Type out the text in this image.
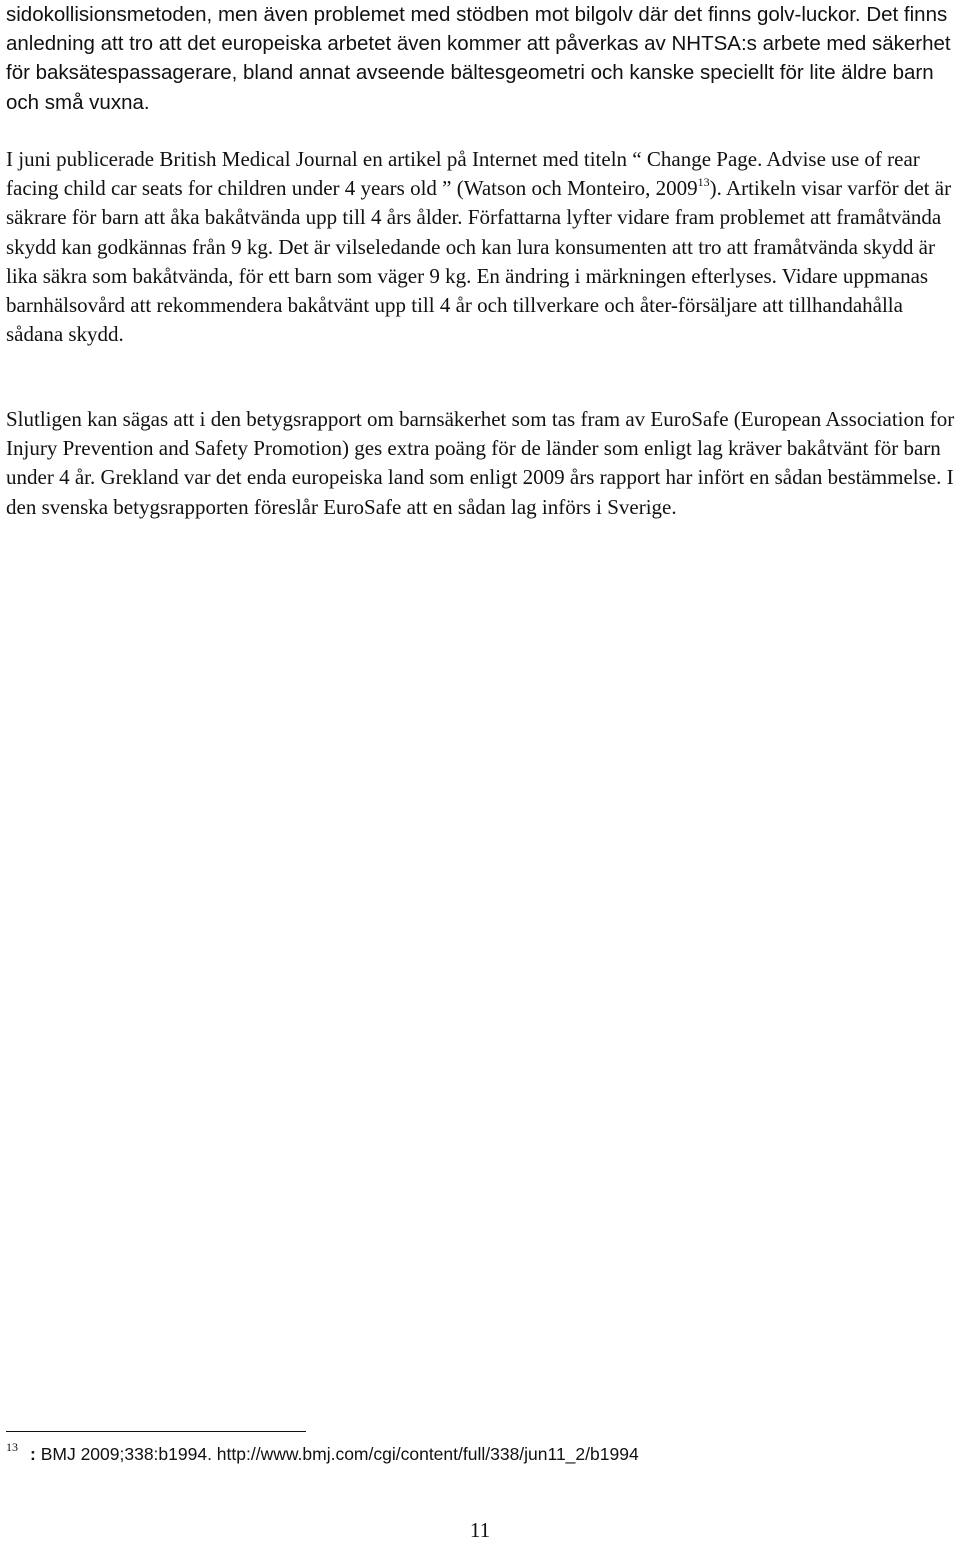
sidokollisionsmetoden, men även problemet med stödben mot bilgolv där det finns golv-luckor. Det finns anledning att tro att det europeiska arbetet även kommer att påverkas av NHTSA:s arbete med säkerhet för baksätespassagerare, bland annat avseende bältesgeometri och kanske speciellt för lite äldre barn och små vuxna.

I juni publicerade British Medical Journal en artikel på Internet med titeln “ Change Page. Advise use of rear facing child car seats for children under 4 years old ” (Watson och Monteiro, 2009$^{13}$). Artikeln visar varför det är säkrare för barn att åka bakåtvända upp till 4 års ålder. Författarna lyfter vidare fram problemet att framåtvända skydd kan godkännas från 9 kg. Det är vilseledande och kan lura konsumenten att tro att framåtvända skydd är lika säkra som bakåtvända, för ett barn som väger 9 kg. En ändring i märkningen efterlyses. Vidare uppmanas barnhälsovård att rekommendera bakåtvänt upp till 4 år och tillverkare och åter-försäljare att tillhandahålla sådana skydd.

Slutligen kan sägas att i den betygsrapport om barnsäkerhet som tas fram av EuroSafe (European Association for Injury Prevention and Safety Promotion) ges extra poäng för de länder som enligt lag kräver bakåtvänt för barn under 4 år. Grekland var det enda europeiska land som enligt 2009 års rapport har infört en sådan bestämmelse. I den svenska betygsrapporten föreslår EuroSafe att en sådan lag införs i Sverige.

$^{13}$ : BMJ 2009;338:b1994. http://www.bmj.com/cgi/content/full/338/jun11_2/b1994
11
